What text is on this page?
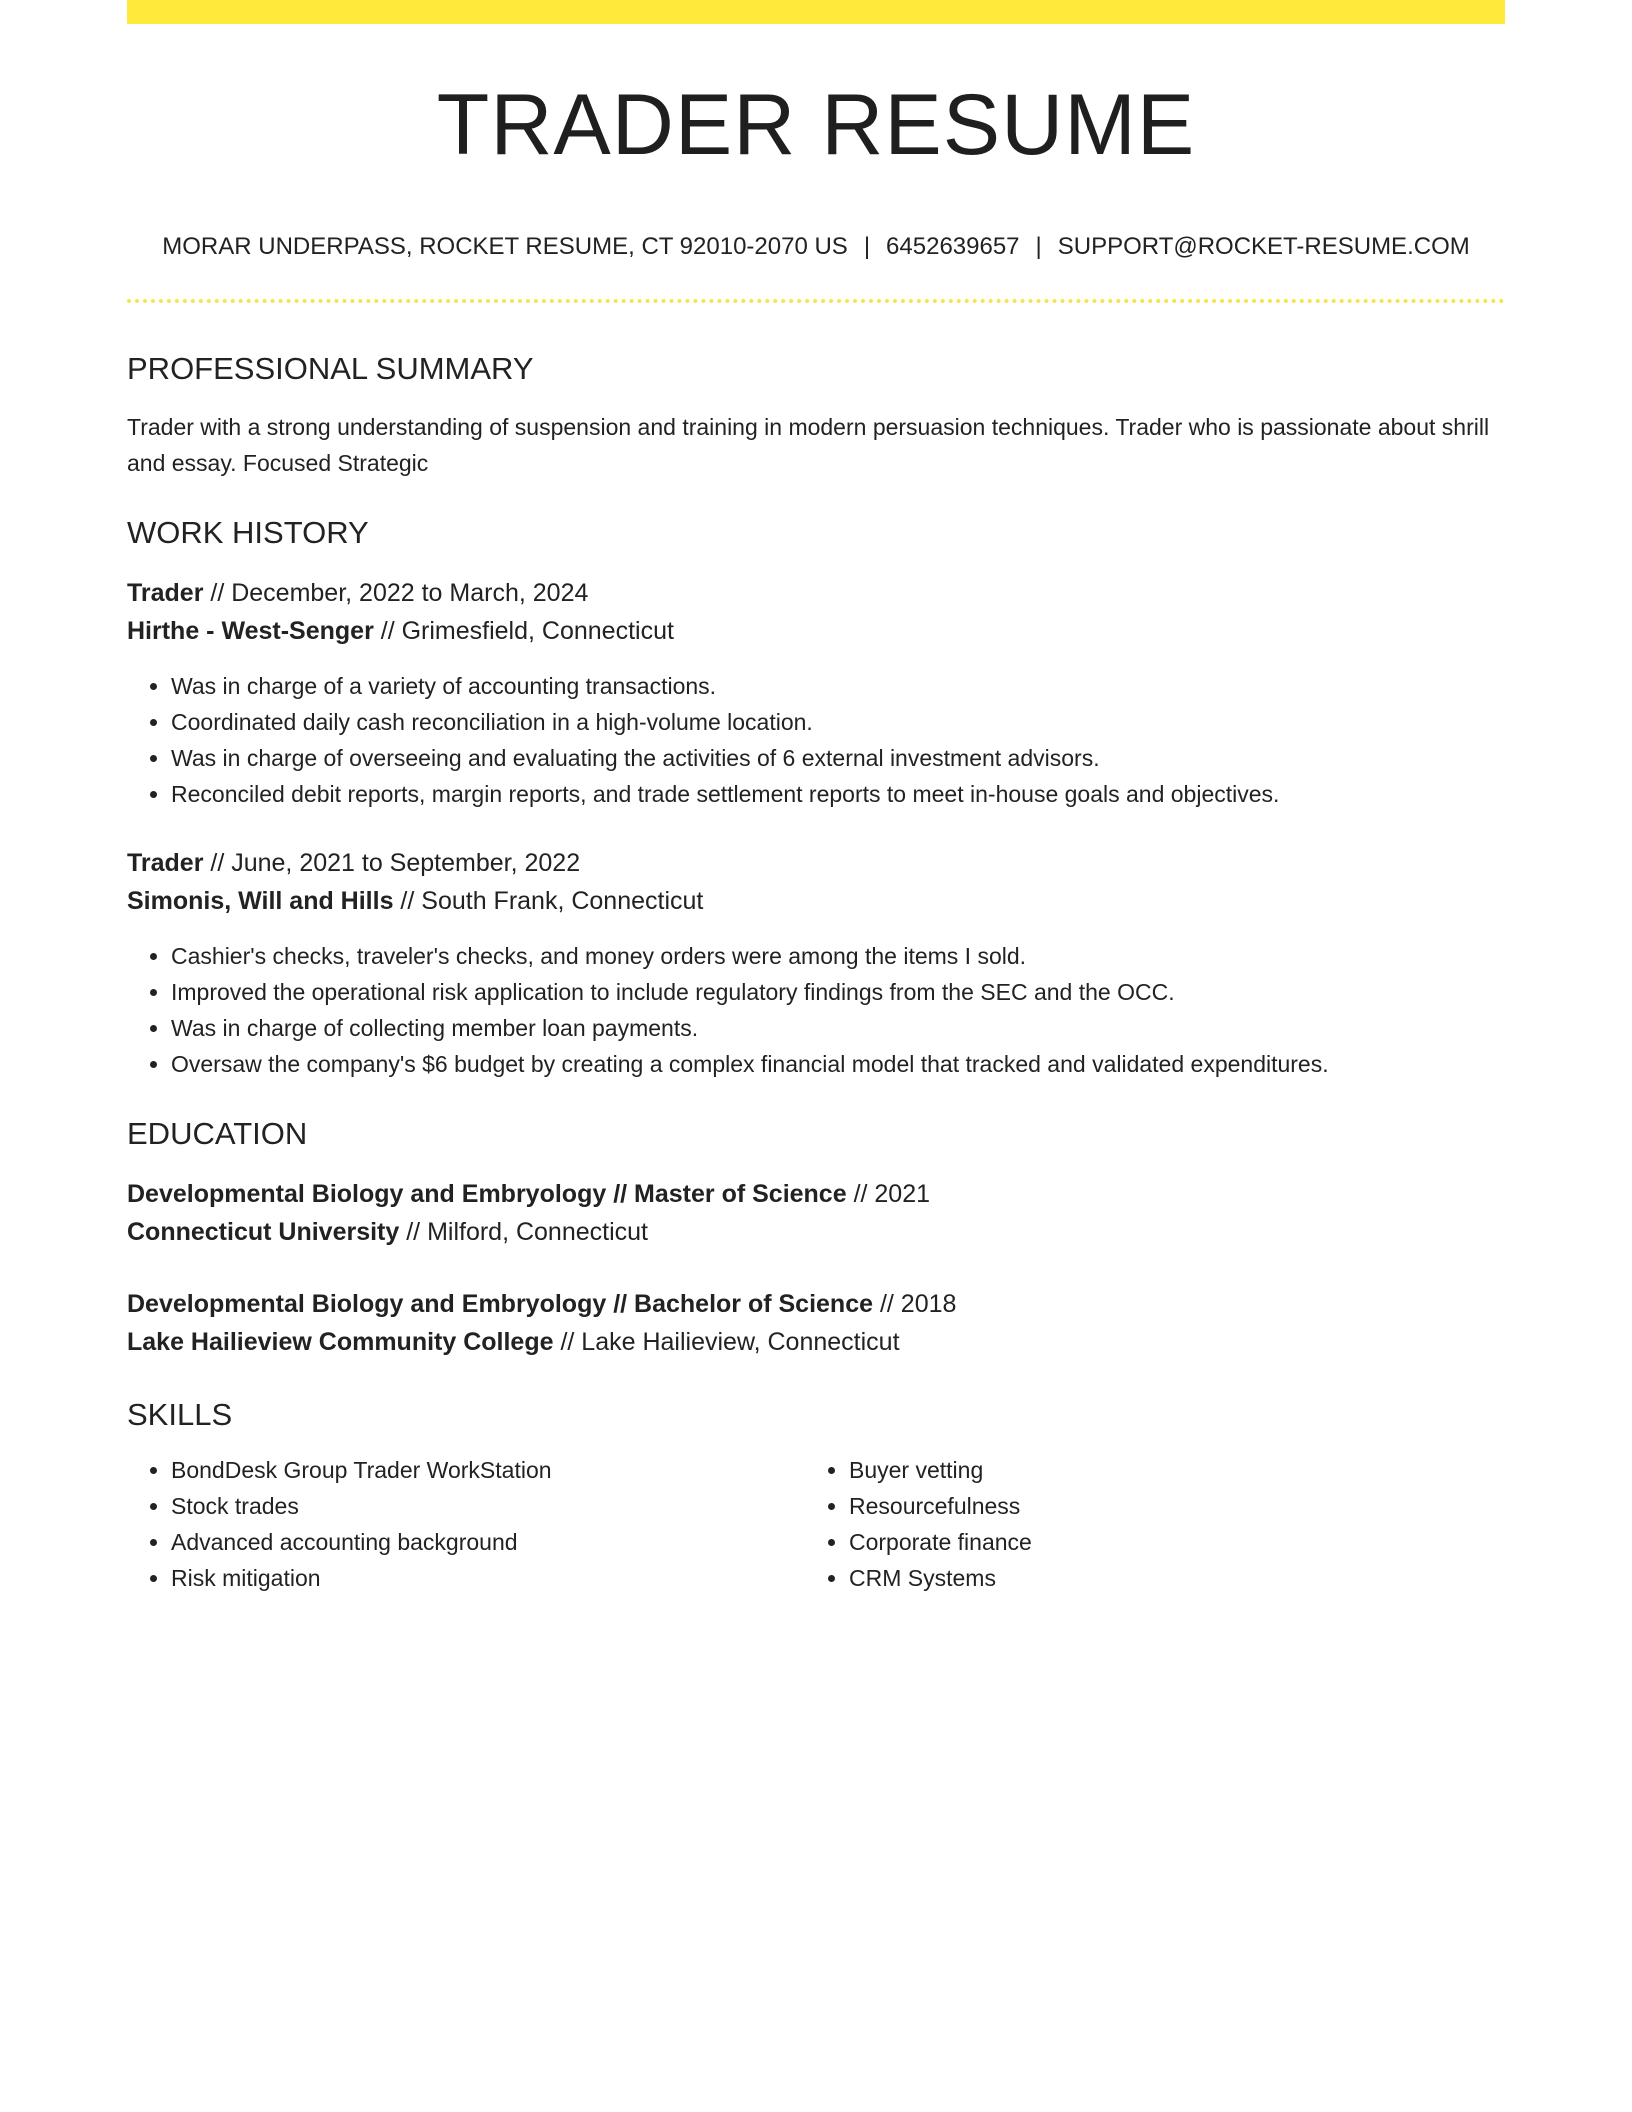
TRADER RESUME
MORAR UNDERPASS, ROCKET RESUME, CT 92010-2070 US | 6452639657 | SUPPORT@ROCKET-RESUME.COM
PROFESSIONAL SUMMARY
Trader with a strong understanding of suspension and training in modern persuasion techniques. Trader who is passionate about shrill and essay. Focused Strategic
WORK HISTORY
Trader // December, 2022 to March, 2024
Hirthe - West-Senger // Grimesfield, Connecticut
• Was in charge of a variety of accounting transactions.
• Coordinated daily cash reconciliation in a high-volume location.
• Was in charge of overseeing and evaluating the activities of 6 external investment advisors.
• Reconciled debit reports, margin reports, and trade settlement reports to meet in-house goals and objectives.
Trader // June, 2021 to September, 2022
Simonis, Will and Hills // South Frank, Connecticut
• Cashier's checks, traveler's checks, and money orders were among the items I sold.
• Improved the operational risk application to include regulatory findings from the SEC and the OCC.
• Was in charge of collecting member loan payments.
• Oversaw the company's $6 budget by creating a complex financial model that tracked and validated expenditures.
EDUCATION
Developmental Biology and Embryology // Master of Science // 2021
Connecticut University // Milford, Connecticut
Developmental Biology and Embryology // Bachelor of Science // 2018
Lake Hailieview Community College // Lake Hailieview, Connecticut
SKILLS
• BondDesk Group Trader WorkStation
• Stock trades
• Advanced accounting background
• Risk mitigation
• Buyer vetting
• Resourcefulness
• Corporate finance
• CRM Systems
